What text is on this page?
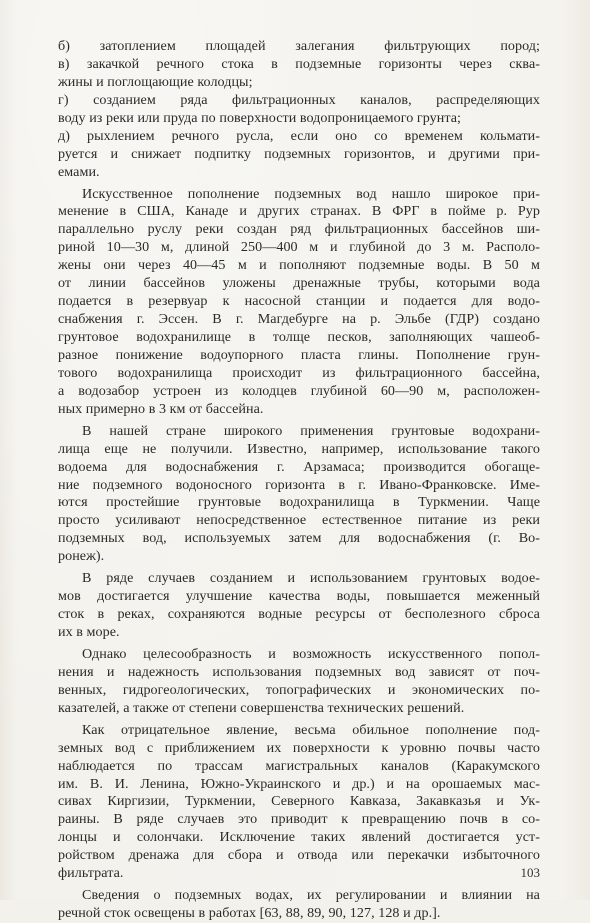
б) затоплением площадей залегания фильтрующих пород;
в) закачкой речного стока в подземные горизонты через сква-
жины и поглощающие колодцы;
г) созданием ряда фильтрационных каналов, распределяющих
воду из реки или пруда по поверхности водопроницаемого грунта;
д) рыхлением речного русла, если оно со временем кольмати-
руется и снижает подпитку подземных горизонтов, и другими при-
емами.
Искусственное пополнение подземных вод нашло широкое при-
менение в США, Канаде и других странах. В ФРГ в пойме р. Рур
параллельно руслу реки создан ряд фильтрационных бассейнов ши-
риной 10—30 м, длиной 250—400 м и глубиной до 3 м. Располо-
жены они через 40—45 м и пополняют подземные воды. В 50 м
от линии бассейнов уложены дренажные трубы, которыми вода
подается в резервуар к насосной станции и подается для водо-
снабжения г. Эссен. В г. Магдебурге на р. Эльбе (ГДР) создано
грунтовое водохранилище в толще песков, заполняющих чашеоб-
разное понижение водоупорного пласта глины. Пополнение грун-
тового водохранилища происходит из фильтрационного бассейна,
а водозабор устроен из колодцев глубиной 60—90 м, расположен-
ных примерно в 3 км от бассейна.
В нашей стране широкого применения грунтовые водохрани-
лища еще не получили. Известно, например, использование такого
водоема для водоснабжения г. Арзамаса; производится обогаще-
ние подземного водоносного горизонта в г. Ивано-Франковске. Име-
ются простейшие грунтовые водохранилища в Туркмении. Чаще
просто усиливают непосредственное естественное питание из реки
подземных вод, используемых затем для водоснабжения (г. Во-
ронеж).
В ряде случаев созданием и использованием грунтовых водое-
мов достигается улучшение качества воды, повышается меженный
сток в реках, сохраняются водные ресурсы от бесполезного сброса
их в море.
Однако целесообразность и возможность искусственного попол-
нения и надежность использования подземных вод зависят от поч-
венных, гидрогеологических, топографических и экономических по-
казателей, а также от степени совершенства технических решений.
Как отрицательное явление, весьма обильное пополнение под-
земных вод с приближением их поверхности к уровню почвы часто
наблюдается по трассам магистральных каналов (Каракумского
им. В. И. Ленина, Южно-Украинского и др.) и на орошаемых мас-
сивах Киргизии, Туркмении, Северного Кавказа, Закавказья и Ук-
раины. В ряде случаев это приводит к превращению почв в со-
лонцы и солончаки. Исключение таких явлений достигается уст-
ройством дренажа для сбора и отвода или перекачки избыточного
фильтрата.
Сведения о подземных водах, их регулировании и влиянии на
речной сток освещены в работах [63, 88, 89, 90, 127, 128 и др.].
103
